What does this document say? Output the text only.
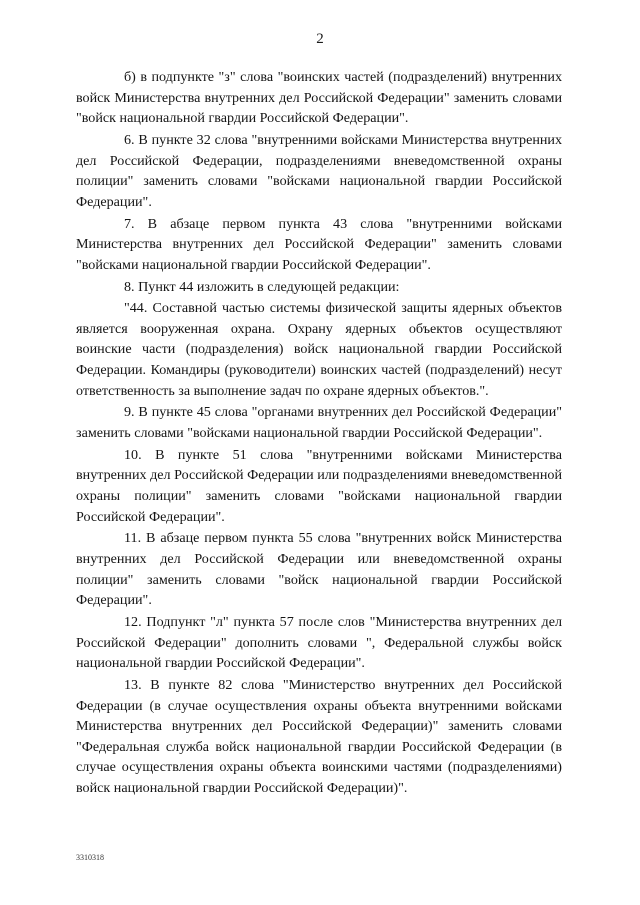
2

б) в подпункте "з" слова "воинских частей (подразделений) внутренних войск Министерства внутренних дел Российской Федерации" заменить словами "войск национальной гвардии Российской Федерации".

6. В пункте 32 слова "внутренними войсками Министерства внутренних дел Российской Федерации, подразделениями вневедомственной охраны полиции" заменить словами "войсками национальной гвардии Российской Федерации".

7. В абзаце первом пункта 43 слова "внутренними войсками Министерства внутренних дел Российской Федерации" заменить словами "войсками национальной гвардии Российской Федерации".

8. Пункт 44 изложить в следующей редакции:

"44. Составной частью системы физической защиты ядерных объектов является вооруженная охрана. Охрану ядерных объектов осуществляют воинские части (подразделения) войск национальной гвардии Российской Федерации. Командиры (руководители) воинских частей (подразделений) несут ответственность за выполнение задач по охране ядерных объектов.".

9. В пункте 45 слова "органами внутренних дел Российской Федерации" заменить словами "войсками национальной гвардии Российской Федерации".

10. В пункте 51 слова "внутренними войсками Министерства внутренних дел Российской Федерации или подразделениями вневедомственной охраны полиции" заменить словами "войсками национальной гвардии Российской Федерации".

11. В абзаце первом пункта 55 слова "внутренних войск Министерства внутренних дел Российской Федерации или вневедомственной охраны полиции" заменить словами "войск национальной гвардии Российской Федерации".

12. Подпункт "л" пункта 57 после слов "Министерства внутренних дел Российской Федерации" дополнить словами ", Федеральной службы войск национальной гвардии Российской Федерации".

13. В пункте 82 слова "Министерство внутренних дел Российской Федерации (в случае осуществления охраны объекта внутренними войсками Министерства внутренних дел Российской Федерации)" заменить словами "Федеральная служба войск национальной гвардии Российской Федерации (в случае осуществления охраны объекта воинскими частями (подразделениями) войск национальной гвардии Российской Федерации)".

3310318
